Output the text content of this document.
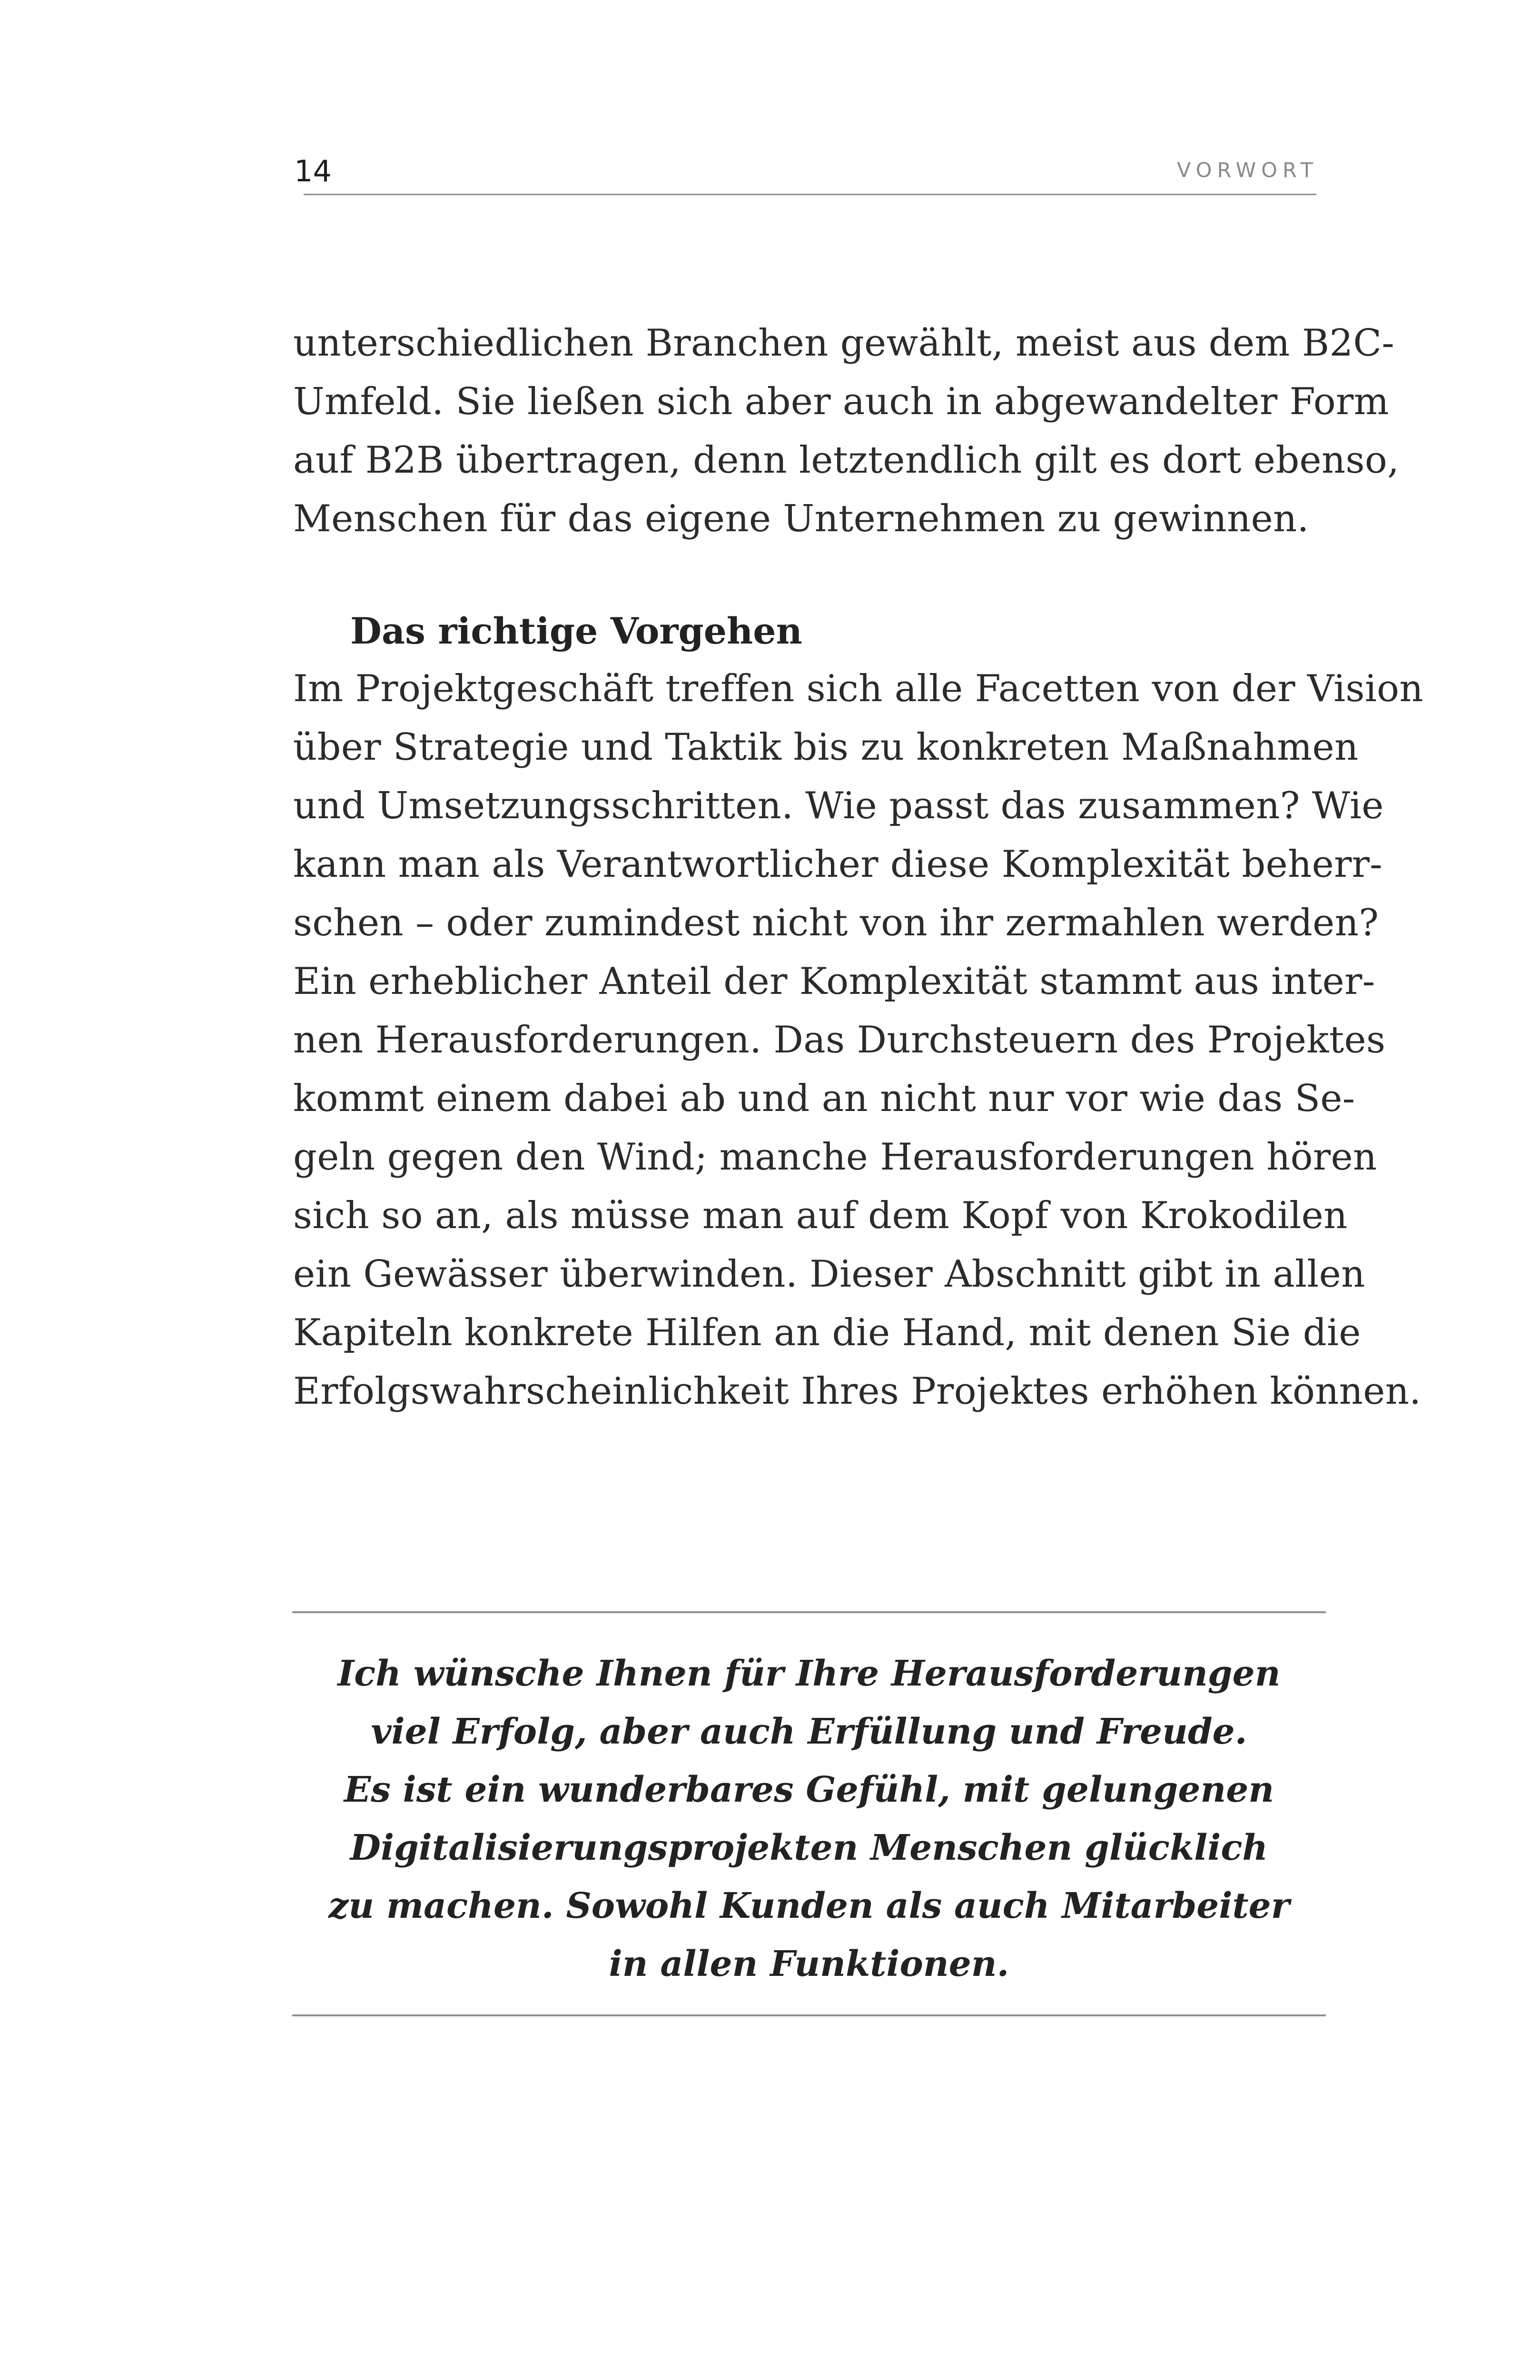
14	VORWORT
unterschiedlichen Branchen gewählt, meist aus dem B2C-
Umfeld. Sie ließen sich aber auch in abgewandelter Form
auf B2B übertragen, denn letztendlich gilt es dort ebenso,
Menschen für das eigene Unternehmen zu gewinnen.
Das richtige Vorgehen
Im Projektgeschäft treffen sich alle Facetten von der Vision
über Strategie und Taktik bis zu konkreten Maßnahmen
und Umsetzungsschritten. Wie passt das zusammen? Wie
kann man als Verantwortlicher diese Komplexität beherr-
schen – oder zumindest nicht von ihr zermahlen werden?
Ein erheblicher Anteil der Komplexität stammt aus inter-
nen Herausforderungen. Das Durchsteuern des Projektes
kommt einem dabei ab und an nicht nur vor wie das Se-
geln gegen den Wind; manche Herausforderungen hören
sich so an, als müsse man auf dem Kopf von Krokodilen
ein Gewässer überwinden. Dieser Abschnitt gibt in allen
Kapiteln konkrete Hilfen an die Hand, mit denen Sie die
Erfolgswahrscheinlichkeit Ihres Projektes erhöhen können.
Ich wünsche Ihnen für Ihre Herausforderungen
viel Erfolg, aber auch Erfüllung und Freude.
Es ist ein wunderbares Gefühl, mit gelungenen
Digitalisierungsprojekten Menschen glücklich
zu machen. Sowohl Kunden als auch Mitarbeiter
in allen Funktionen.
